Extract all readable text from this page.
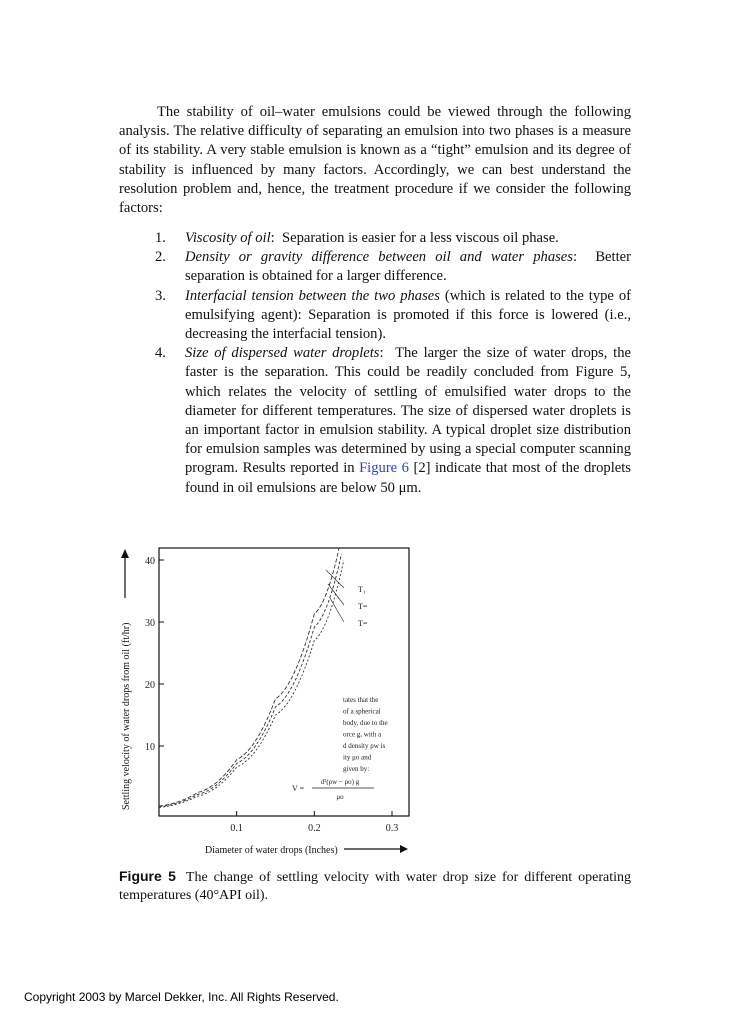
The stability of oil–water emulsions could be viewed through the following analysis. The relative difficulty of separating an emulsion into two phases is a measure of its stability. A very stable emulsion is known as a “tight” emulsion and its degree of stability is influenced by many factors. Accordingly, we can best understand the resolution problem and, hence, the treatment procedure if we consider the following factors:

1. Viscosity of oil:  Separation is easier for a less viscous oil phase.
2. Density or gravity difference between oil and water phases:  Better separation is obtained for a larger difference.
3. Interfacial tension between the two phases (which is related to the type of emulsifying agent): Separation is promoted if this force is lowered (i.e., decreasing the interfacial tension).
4. Size of dispersed water droplets:  The larger the size of water drops, the faster is the separation. This could be readily concluded from Figure 5, which relates the velocity of settling of emulsified water drops to the diameter for different temperatures. The size of dispersed water droplets is an important factor in emulsion stability. A typical droplet size distribution for emulsion samples was determined by using a special computer scanning program. Results reported in Figure 6 [2] indicate that most of the droplets found in oil emulsions are below 50 μm.
10
20
30
40
0.1	0.2	0.3
Diameter of water drops (Inches)
Settling velocity of water drops from oil (ft/hr)
T₁
T=
T=
tates that the
of a spherical
body, due to the
orce g, with a
d density ρw is
ity μo and
given by:
V =
d²(ρw − ρo) g
μo

Figure 5 The change of settling velocity with water drop size for different operating temperatures (40°API oil).

Copyright 2003 by Marcel Dekker, Inc. All Rights Reserved.
